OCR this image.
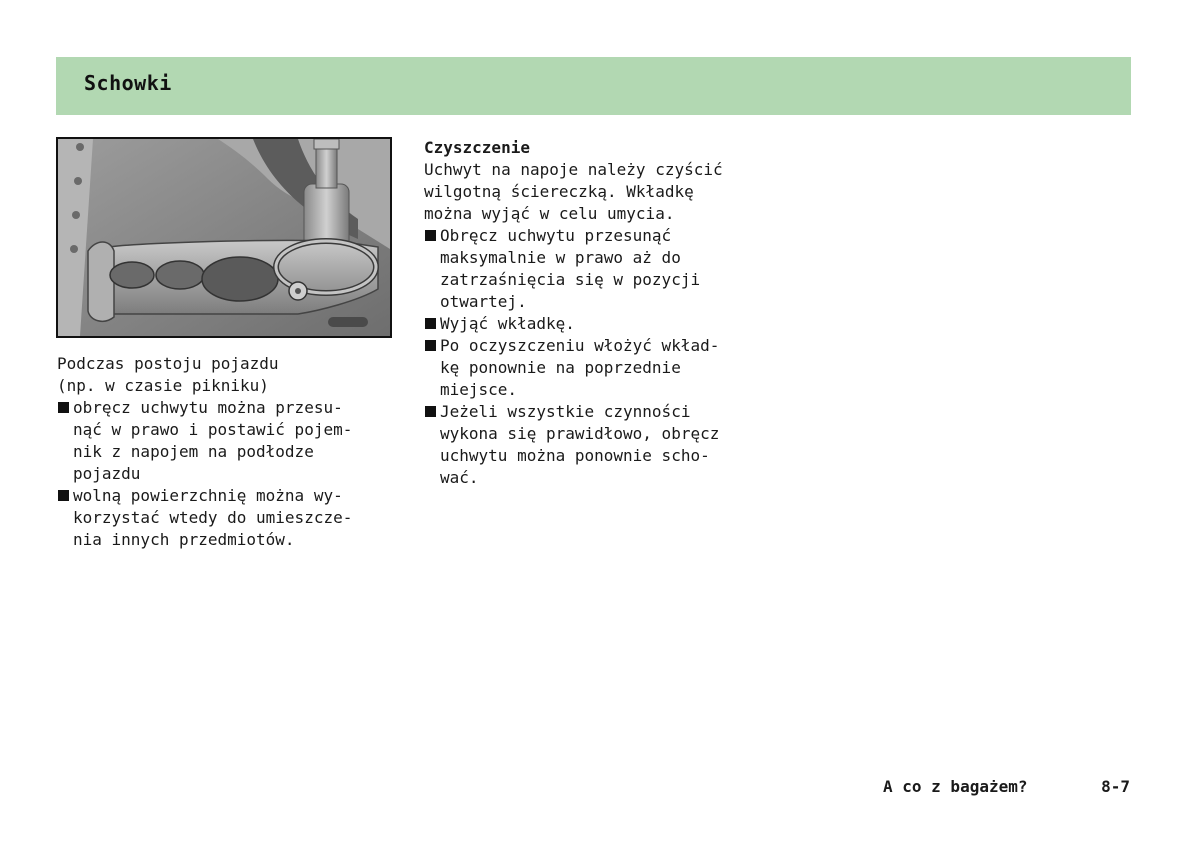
Schowki

Podczas postoju pojazdu

(np. w czasie pikniku)

obręcz uchwytu można przesu-

nąć w prawo i postawić pojem-

nik z napojem na podłodze

pojazdu

wolną powierzchnię można wy-

korzystać wtedy do umieszcze-

nia innych przedmiotów.

Czyszczenie

Uchwyt na napoje należy czyścić

wilgotną ściereczką. Wkładkę

można wyjąć w celu umycia.

Obręcz uchwytu przesunąć

maksymalnie w prawo aż do

zatrzaśnięcia się w pozycji

otwartej.

Wyjąć wkładkę.

Po oczyszczeniu włożyć wkład-

kę ponownie na poprzednie

miejsce.

Jeżeli wszystkie czynności

wykona się prawidłowo, obręcz

uchwytu można ponownie scho-

wać.

A co z bagażem?	8-7
